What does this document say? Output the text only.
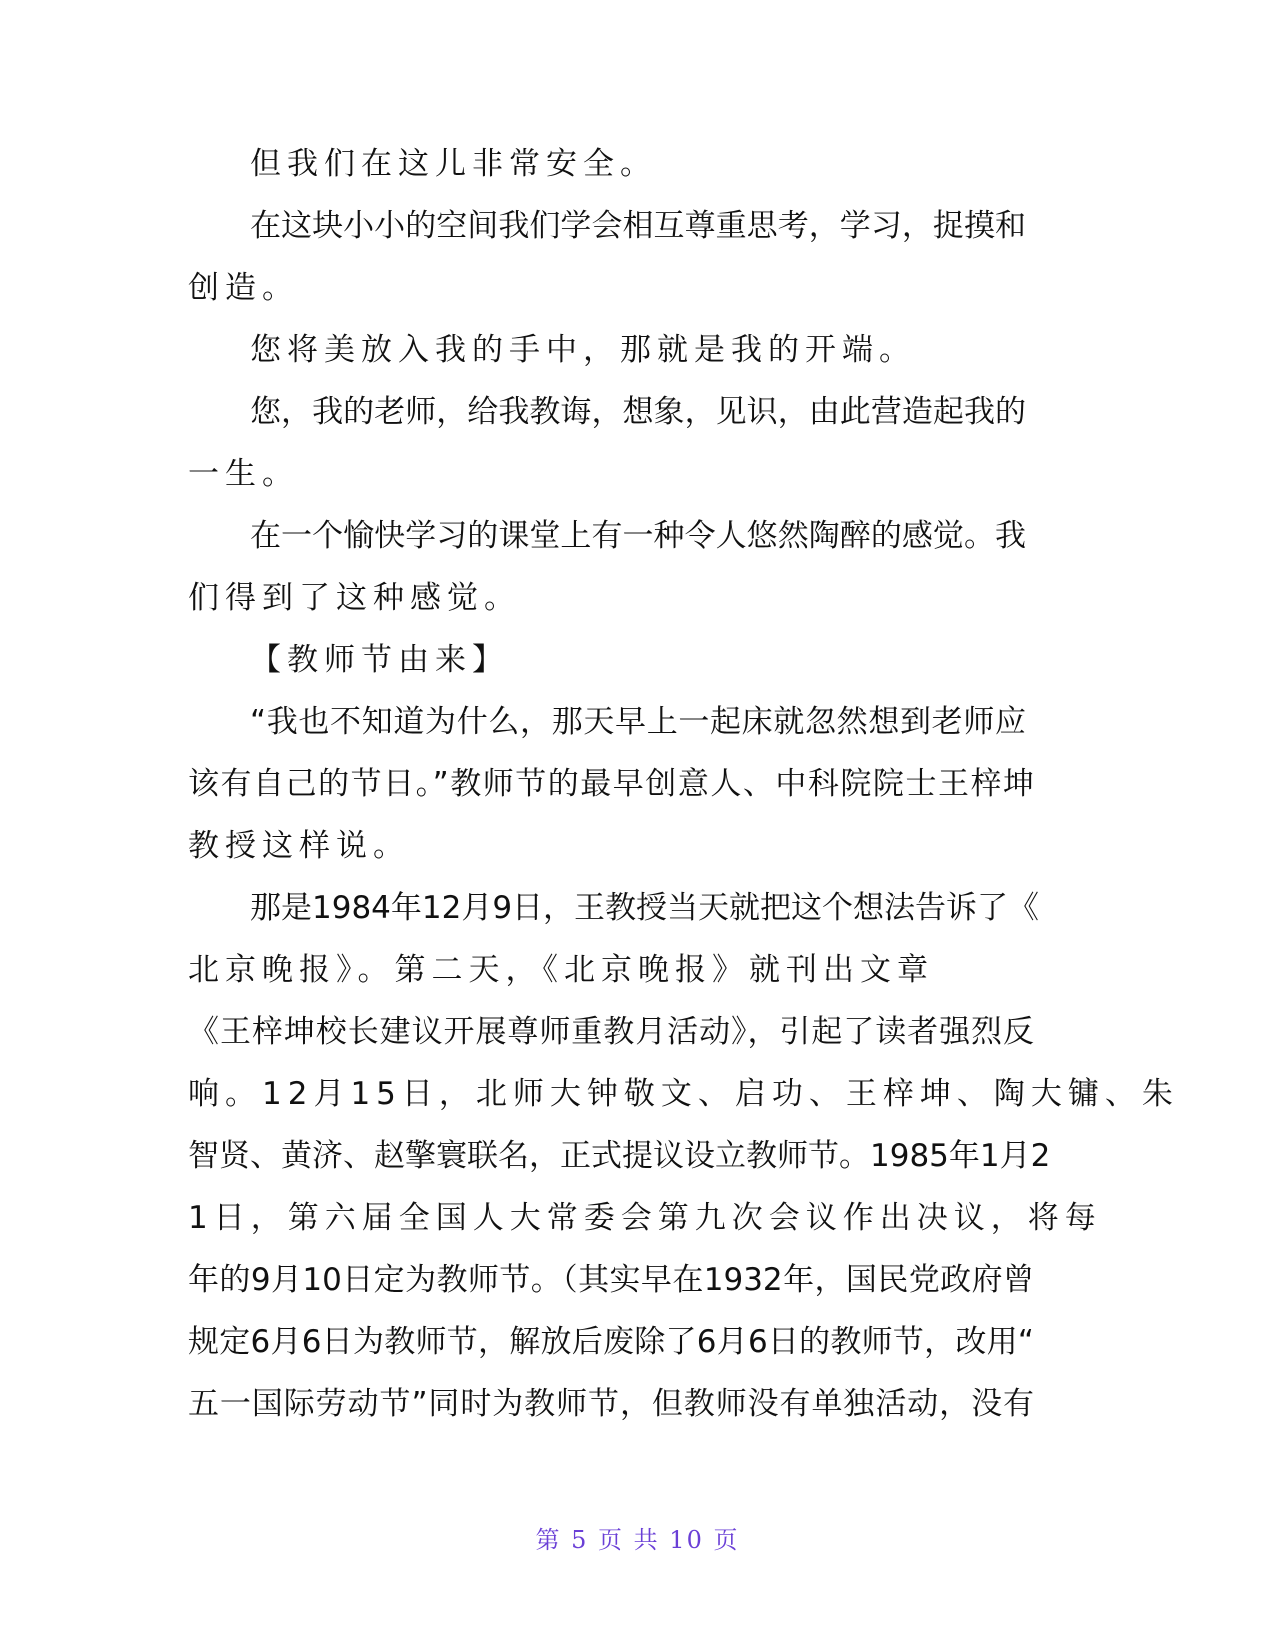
但我们在这儿非常安全。
在这块小小的空间我们学会相互尊重思考，学习，捉摸和
创造。
您将美放入我的手中，那就是我的开端。
您，我的老师，给我教诲，想象，见识，由此营造起我的
一生。
在一个愉快学习的课堂上有一种令人悠然陶醉的感觉。我
们得到了这种感觉。
【教师节由来】
“我也不知道为什么，那天早上一起床就忽然想到老师应
该有自己的节日。”教师节的最早创意人、中科院院士王梓坤
教授这样说。
那是1984年12月9日，王教授当天就把这个想法告诉了《
北京晚报》。第二天，《北京晚报》就刊出文章
《王梓坤校长建议开展尊师重教月活动》，引起了读者强烈反
响。12月15日，北师大钟敬文、启功、王梓坤、陶大镛、朱
智贤、黄济、赵擎寰联名，正式提议设立教师节。1985年1月2
1日，第六届全国人大常委会第九次会议作出决议，将每
年的9月10日定为教师节。（其实早在1932年，国民党政府曾
规定6月6日为教师节，解放后废除了6月6日的教师节，改用“
五一国际劳动节”同时为教师节，但教师没有单独活动，没有
第 5 页 共 10 页
